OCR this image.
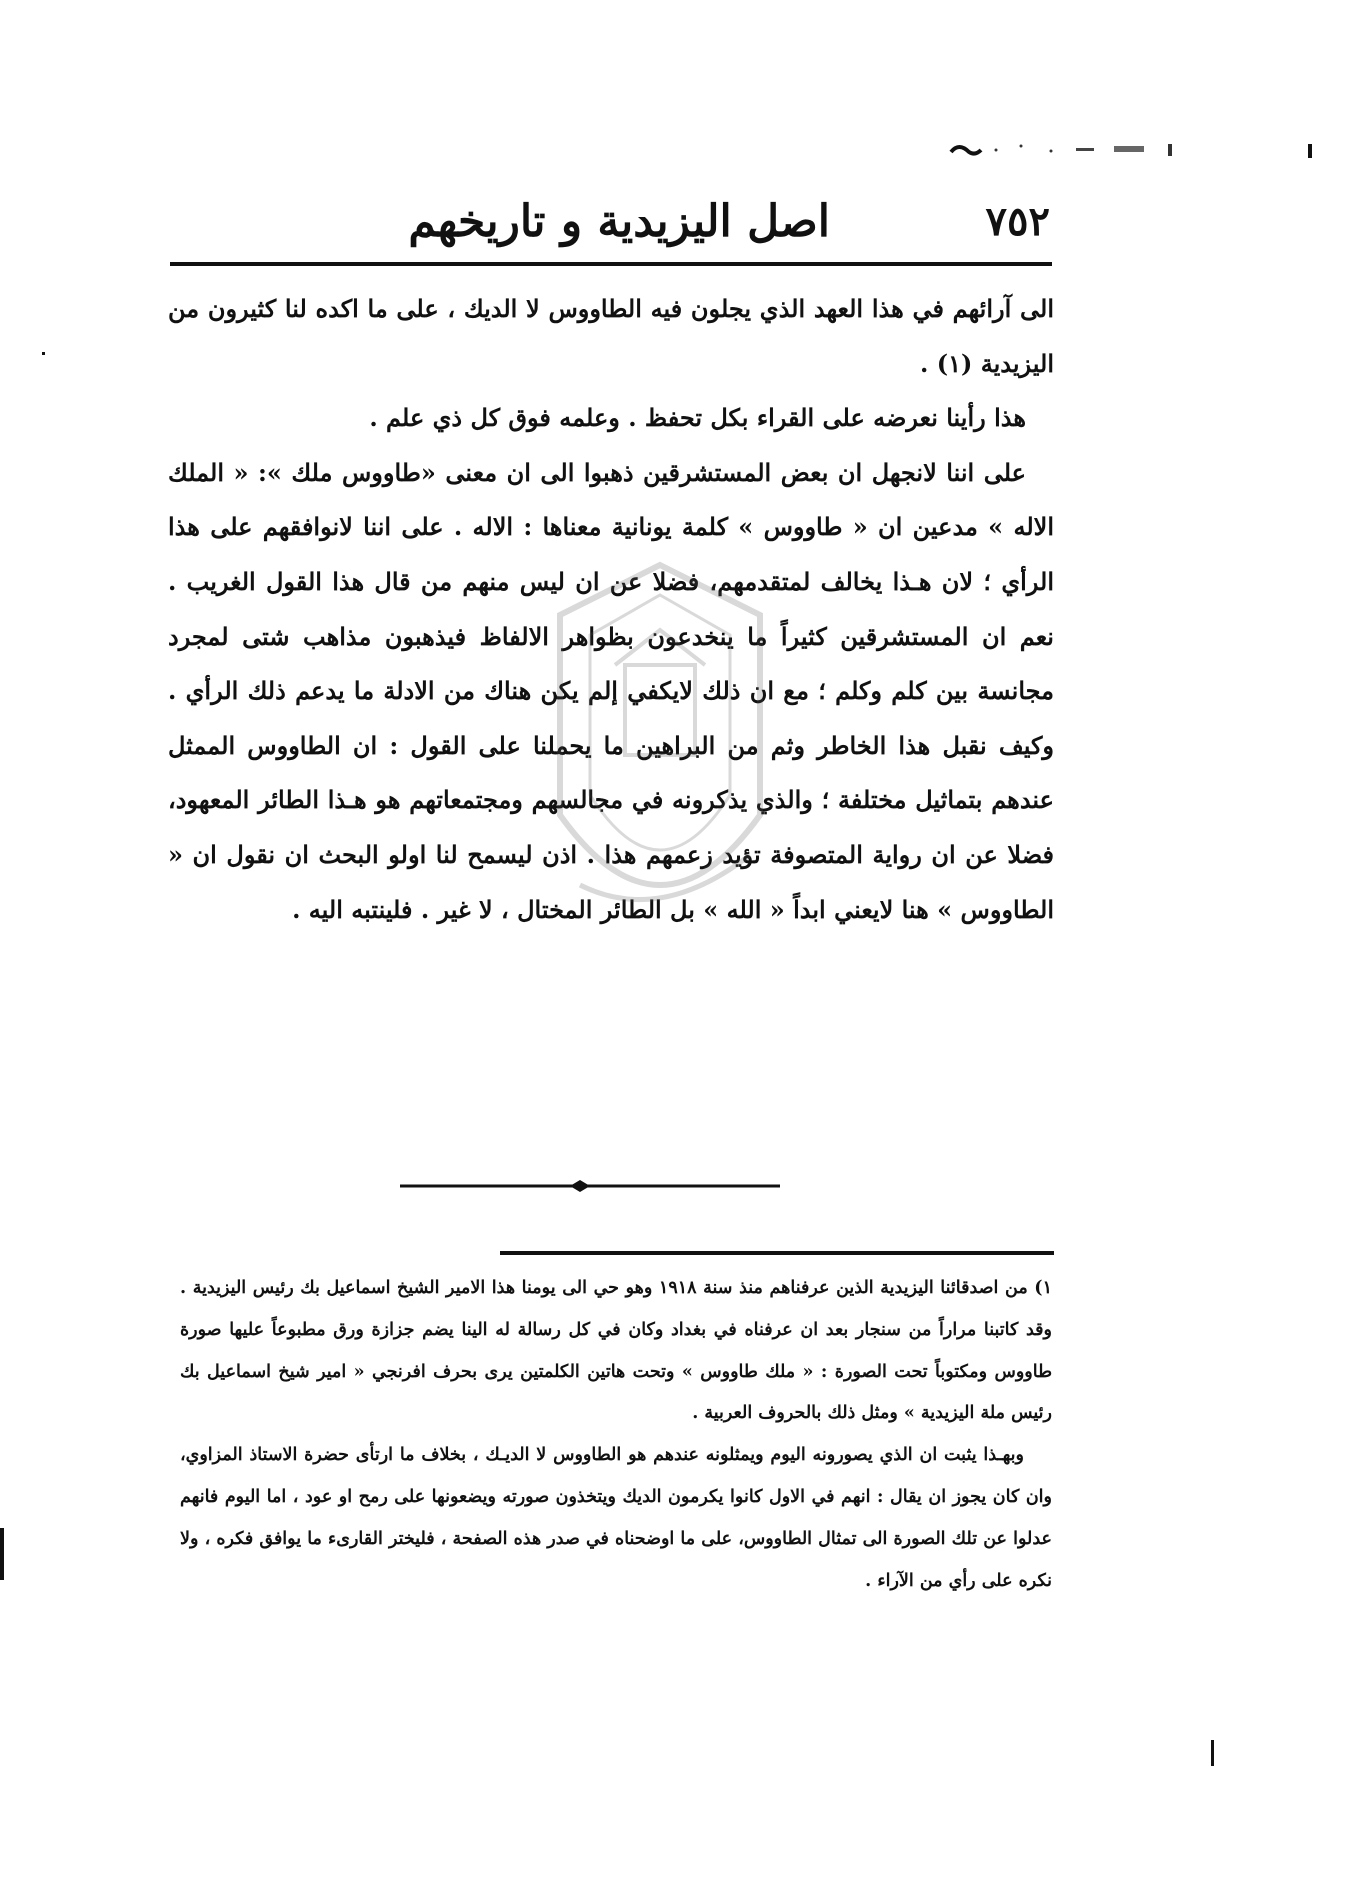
٧٥٢
اصل اليزيدية و تاريخهم

الى آرائهم في هذا العهد الذي يجلون فيه الطاووس لا الديك ، على ما اكده لنا كثيرون من اليزيدية (١) .

هذا رأينا نعرضه على القراء بكل تحفظ . وعلمه فوق كل ذي علم .

على اننا لانجهل ان بعض المستشرقين ذهبوا الى ان معنى «طاووس ملك »: « الملك الاله » مدعين ان « طاووس » كلمة يونانية معناها : الاله . على اننا لانوافقهم على هذا الرأي ؛ لان هـذا يخالف لمتقدمهم، فضلا عن ان ليس منهم من قال هذا القول الغريب . نعم ان المستشرقين كثيراً ما ينخدعون بظواهر الالفاظ فيذهبون مذاهب شتى لمجرد مجانسة بين كلم وكلم ؛ مع ان ذلك لايكفي إلم يكن هناك من الادلة ما يدعم ذلك الرأي . وكيف نقبل هذا الخاطر وثم من البراهين ما يحملنا على القول : ان الطاووس الممثل عندهم بتماثيل مختلفة ؛ والذي يذكرونه في مجالسهم ومجتمعاتهم هو هـذا الطائر المعهود، فضلا عن ان رواية المتصوفة تؤيد زعمهم هذا . اذن ليسمح لنا اولو البحث ان نقول ان « الطاووس » هنا لايعني ابداً « الله » بل الطائر المختال ، لا غير . فلينتبه اليه .

١) من اصدقائنا اليزيدية الذين عرفناهم منذ سنة ١٩١٨ وهو حي الى يومنا هذا الامير الشيخ اسماعيل بك رئيس اليزيدية . وقد كاتبنا مراراً من سنجار بعد ان عرفناه في بغداد وكان في كل رسالة له الينا يضم جزازة ورق مطبوعاً عليها صورة طاووس ومكتوباً تحت الصورة : « ملك طاووس » وتحت هاتين الكلمتين يرى بحرف افرنجي « امير شيخ اسماعيل بك رئيس ملة اليزيدية » ومثل ذلك بالحروف العربية .

وبهـذا يثبت ان الذي يصورونه اليوم ويمثلونه عندهم هو الطاووس لا الديـك ، بخلاف ما ارتأى حضرة الاستاذ المزاوي، وان كان يجوز ان يقال : انهم في الاول كانوا يكرمون الديك ويتخذون صورته ويضعونها على رمح او عود ، اما اليوم فانهم عدلوا عن تلك الصورة الى تمثال الطاووس، على ما اوضحناه في صدر هذه الصفحة ، فليختر القارىء ما يوافق فكره ، ولا نكره على رأي من الآراء .
